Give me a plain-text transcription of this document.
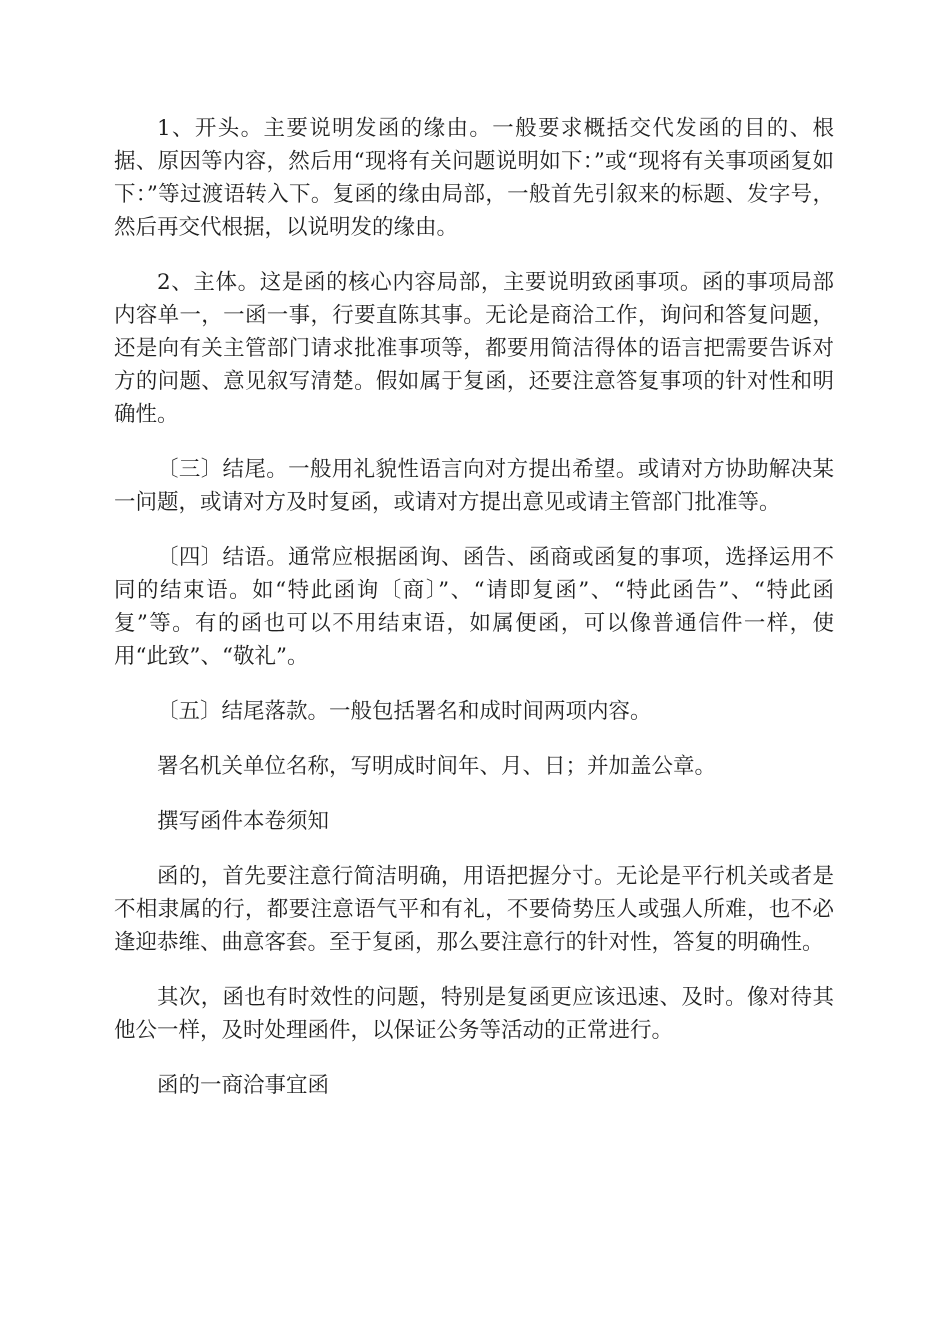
1、开头。主要说明发函的缘由。一般要求概括交代发函的目的、根据、原因等内容，然后用“现将有关问题说明如下：”或“现将有关事项函复如下：”等过渡语转入下。复函的缘由局部，一般首先引叙来的标题、发字号，然后再交代根据，以说明发的缘由。

2、主体。这是函的核心内容局部，主要说明致函事项。函的事项局部内容单一，一函一事，行要直陈其事。无论是商洽工作，询问和答复问题，还是向有关主管部门请求批准事项等，都要用简洁得体的语言把需要告诉对方的问题、意见叙写清楚。假如属于复函，还要注意答复事项的针对性和明确性。

〔三〕结尾。一般用礼貌性语言向对方提出希望。或请对方协助解决某一问题，或请对方及时复函，或请对方提出意见或请主管部门批准等。

〔四〕结语。通常应根据函询、函告、函商或函复的事项，选择运用不同的结束语。如“特此函询〔商〕”、“请即复函”、“特此函告”、“特此函复”等。有的函也可以不用结束语，如属便函，可以像普通信件一样，使用“此致”、“敬礼”。

〔五〕结尾落款。一般包括署名和成时间两项内容。

署名机关单位名称，写明成时间年、月、日；并加盖公章。

撰写函件本卷须知

函的，首先要注意行简洁明确，用语把握分寸。无论是平行机关或者是不相隶属的行，都要注意语气平和有礼，不要倚势压人或强人所难，也不必逢迎恭维、曲意客套。至于复函，那么要注意行的针对性，答复的明确性。

其次，函也有时效性的问题，特别是复函更应该迅速、及时。像对待其他公一样，及时处理函件，以保证公务等活动的正常进行。

函的一商洽事宜函
